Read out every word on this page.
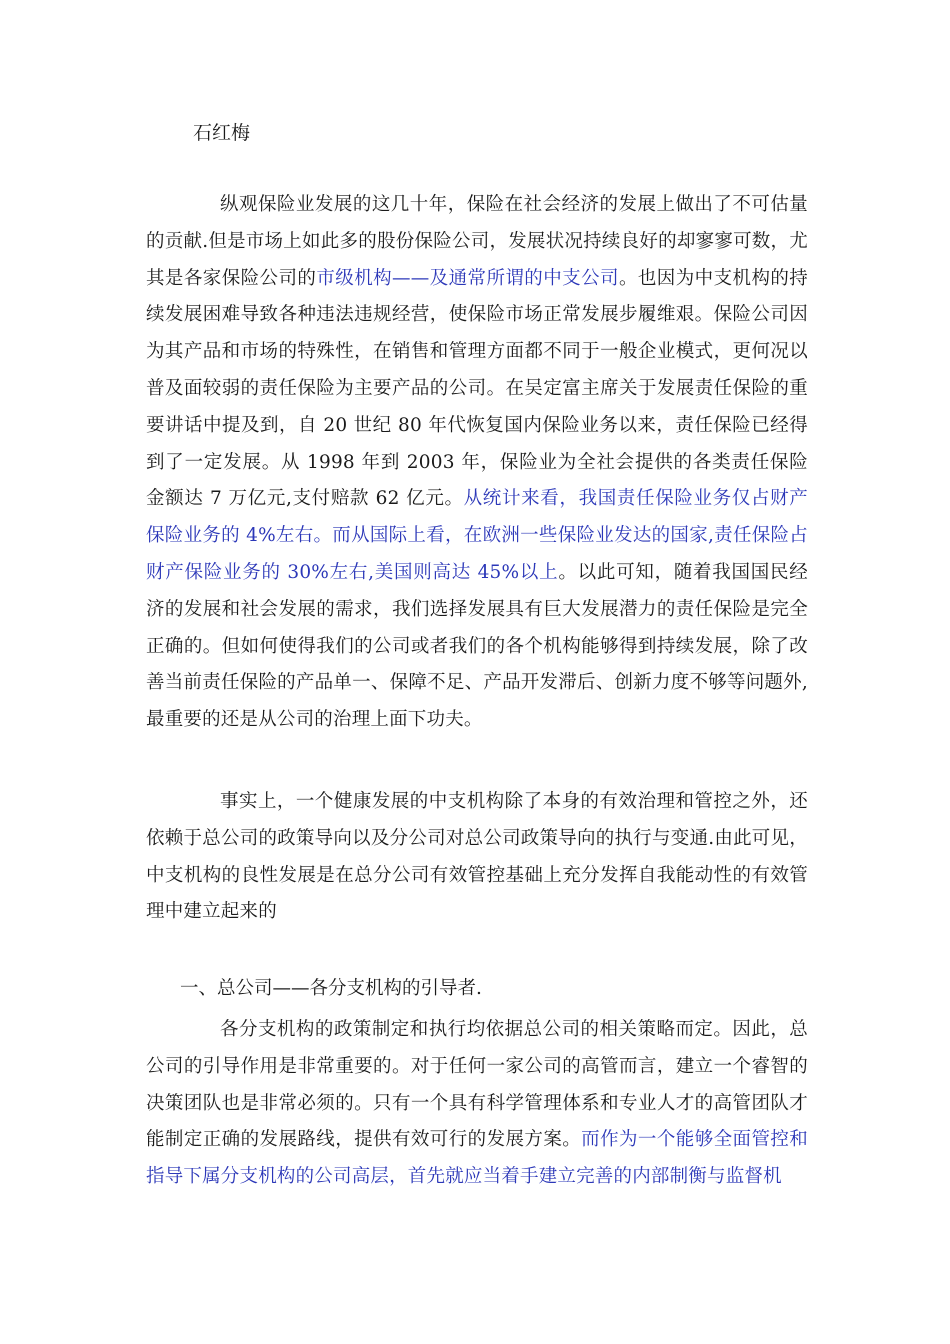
石红梅

纵观保险业发展的这几十年，保险在社会经济的发展上做出了不可估量的贡献.但是市场上如此多的股份保险公司，发展状况持续良好的却寥寥可数，尤其是各家保险公司的市级机构——及通常所谓的中支公司。也因为中支机构的持续发展困难导致各种违法违规经营，使保险市场正常发展步履维艰。保险公司因为其产品和市场的特殊性，在销售和管理方面都不同于一般企业模式，更何况以普及面较弱的责任保险为主要产品的公司。在吴定富主席关于发展责任保险的重要讲话中提及到，自 20 世纪 80 年代恢复国内保险业务以来，责任保险已经得到了一定发展。从 1998 年到 2003 年，保险业为全社会提供的各类责任保险金额达 7 万亿元,支付赔款 62 亿元。从统计来看，我国责任保险业务仅占财产保险业务的 4%左右。而从国际上看，在欧洲一些保险业发达的国家,责任保险占财产保险业务的 30%左右,美国则高达 45%以上。以此可知，随着我国国民经济的发展和社会发展的需求，我们选择发展具有巨大发展潜力的责任保险是完全正确的。但如何使得我们的公司或者我们的各个机构能够得到持续发展，除了改善当前责任保险的产品单一、保障不足、产品开发滞后、创新力度不够等问题外,最重要的还是从公司的治理上面下功夫。

事实上，一个健康发展的中支机构除了本身的有效治理和管控之外，还依赖于总公司的政策导向以及分公司对总公司政策导向的执行与变通.由此可见，中支机构的良性发展是在总分公司有效管控基础上充分发挥自我能动性的有效管理中建立起来的

一、总公司——各分支机构的引导者.

各分支机构的政策制定和执行均依据总公司的相关策略而定。因此，总公司的引导作用是非常重要的。对于任何一家公司的高管而言，建立一个睿智的决策团队也是非常必须的。只有一个具有科学管理体系和专业人才的高管团队才能制定正确的发展路线，提供有效可行的发展方案。而作为一个能够全面管控和指导下属分支机构的公司高层，首先就应当着手建立完善的内部制衡与监督机
